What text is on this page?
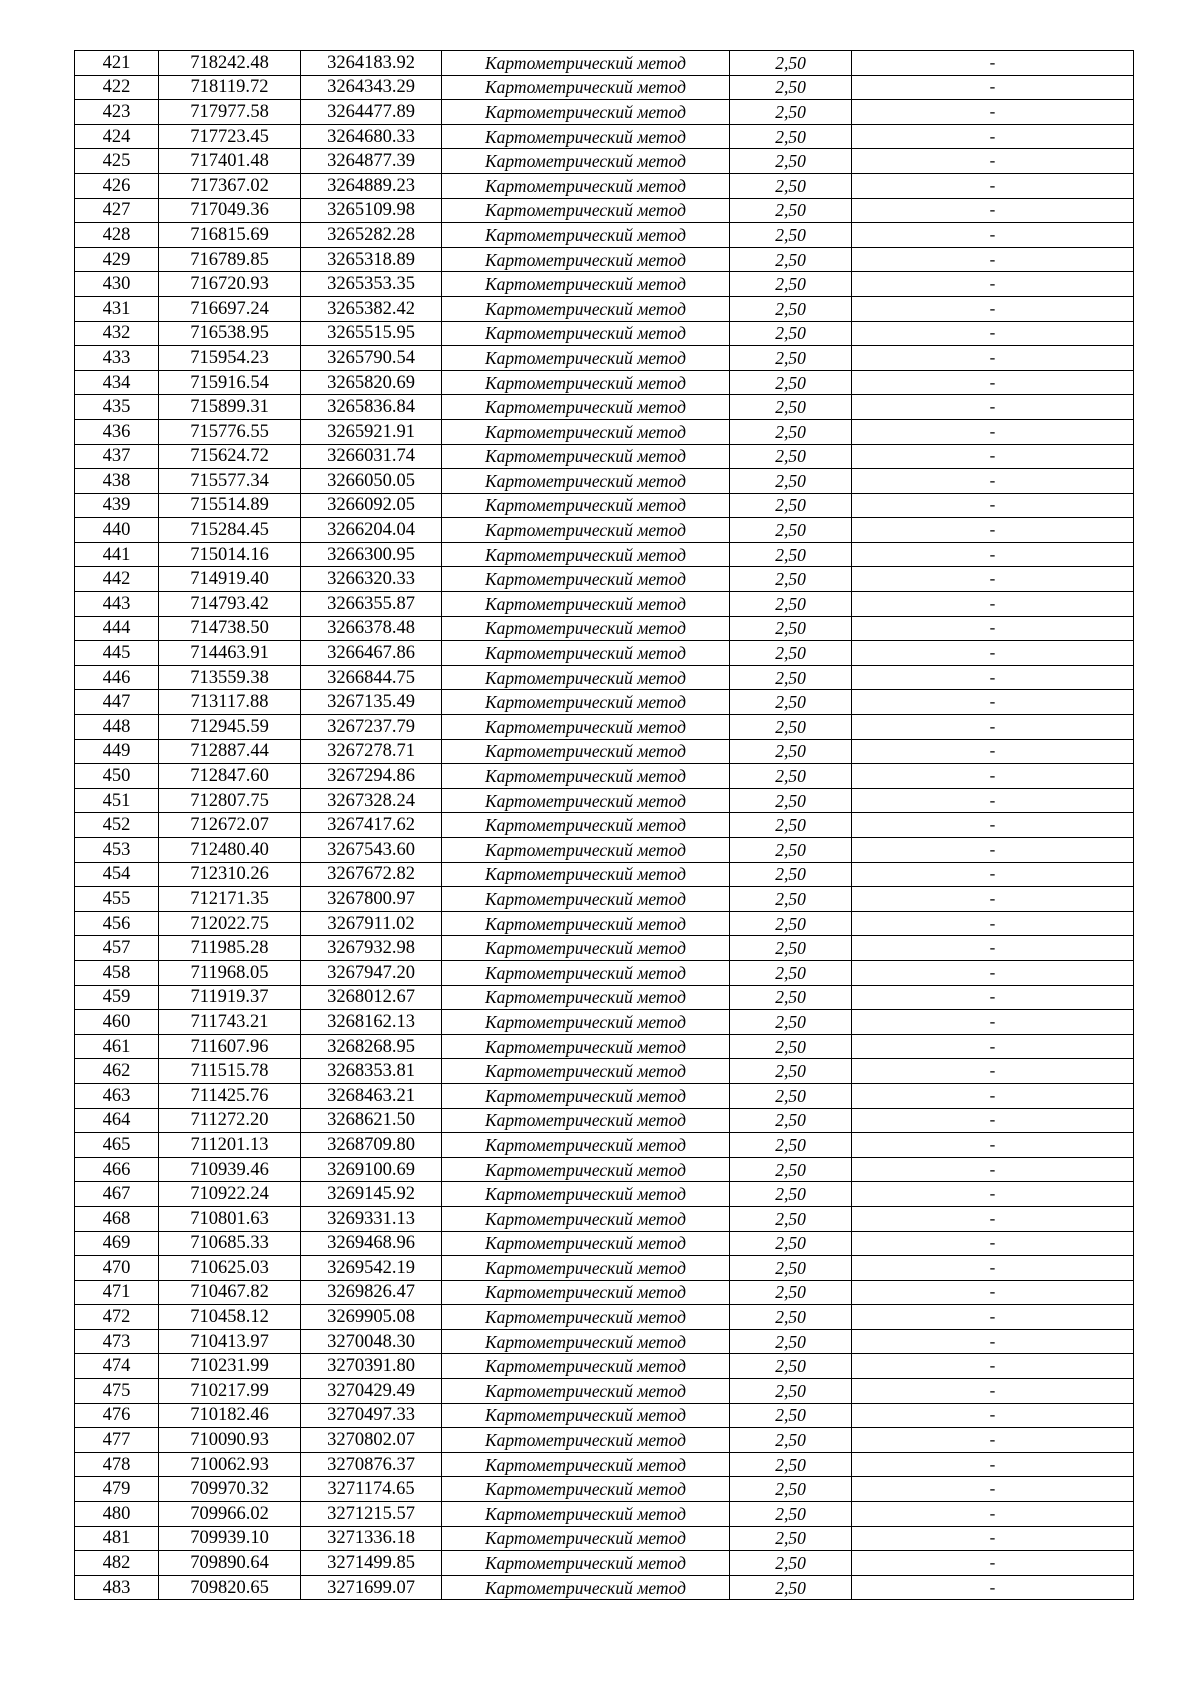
421	718242.48	3264183.92	Картометрический метод	2,50	-
422	718119.72	3264343.29	Картометрический метод	2,50	-
423	717977.58	3264477.89	Картометрический метод	2,50	-
424	717723.45	3264680.33	Картометрический метод	2,50	-
425	717401.48	3264877.39	Картометрический метод	2,50	-
426	717367.02	3264889.23	Картометрический метод	2,50	-
427	717049.36	3265109.98	Картометрический метод	2,50	-
428	716815.69	3265282.28	Картометрический метод	2,50	-
429	716789.85	3265318.89	Картометрический метод	2,50	-
430	716720.93	3265353.35	Картометрический метод	2,50	-
431	716697.24	3265382.42	Картометрический метод	2,50	-
432	716538.95	3265515.95	Картометрический метод	2,50	-
433	715954.23	3265790.54	Картометрический метод	2,50	-
434	715916.54	3265820.69	Картометрический метод	2,50	-
435	715899.31	3265836.84	Картометрический метод	2,50	-
436	715776.55	3265921.91	Картометрический метод	2,50	-
437	715624.72	3266031.74	Картометрический метод	2,50	-
438	715577.34	3266050.05	Картометрический метод	2,50	-
439	715514.89	3266092.05	Картометрический метод	2,50	-
440	715284.45	3266204.04	Картометрический метод	2,50	-
441	715014.16	3266300.95	Картометрический метод	2,50	-
442	714919.40	3266320.33	Картометрический метод	2,50	-
443	714793.42	3266355.87	Картометрический метод	2,50	-
444	714738.50	3266378.48	Картометрический метод	2,50	-
445	714463.91	3266467.86	Картометрический метод	2,50	-
446	713559.38	3266844.75	Картометрический метод	2,50	-
447	713117.88	3267135.49	Картометрический метод	2,50	-
448	712945.59	3267237.79	Картометрический метод	2,50	-
449	712887.44	3267278.71	Картометрический метод	2,50	-
450	712847.60	3267294.86	Картометрический метод	2,50	-
451	712807.75	3267328.24	Картометрический метод	2,50	-
452	712672.07	3267417.62	Картометрический метод	2,50	-
453	712480.40	3267543.60	Картометрический метод	2,50	-
454	712310.26	3267672.82	Картометрический метод	2,50	-
455	712171.35	3267800.97	Картометрический метод	2,50	-
456	712022.75	3267911.02	Картометрический метод	2,50	-
457	711985.28	3267932.98	Картометрический метод	2,50	-
458	711968.05	3267947.20	Картометрический метод	2,50	-
459	711919.37	3268012.67	Картометрический метод	2,50	-
460	711743.21	3268162.13	Картометрический метод	2,50	-
461	711607.96	3268268.95	Картометрический метод	2,50	-
462	711515.78	3268353.81	Картометрический метод	2,50	-
463	711425.76	3268463.21	Картометрический метод	2,50	-
464	711272.20	3268621.50	Картометрический метод	2,50	-
465	711201.13	3268709.80	Картометрический метод	2,50	-
466	710939.46	3269100.69	Картометрический метод	2,50	-
467	710922.24	3269145.92	Картометрический метод	2,50	-
468	710801.63	3269331.13	Картометрический метод	2,50	-
469	710685.33	3269468.96	Картометрический метод	2,50	-
470	710625.03	3269542.19	Картометрический метод	2,50	-
471	710467.82	3269826.47	Картометрический метод	2,50	-
472	710458.12	3269905.08	Картометрический метод	2,50	-
473	710413.97	3270048.30	Картометрический метод	2,50	-
474	710231.99	3270391.80	Картометрический метод	2,50	-
475	710217.99	3270429.49	Картометрический метод	2,50	-
476	710182.46	3270497.33	Картометрический метод	2,50	-
477	710090.93	3270802.07	Картометрический метод	2,50	-
478	710062.93	3270876.37	Картометрический метод	2,50	-
479	709970.32	3271174.65	Картометрический метод	2,50	-
480	709966.02	3271215.57	Картометрический метод	2,50	-
481	709939.10	3271336.18	Картометрический метод	2,50	-
482	709890.64	3271499.85	Картометрический метод	2,50	-
483	709820.65	3271699.07	Картометрический метод	2,50	-
